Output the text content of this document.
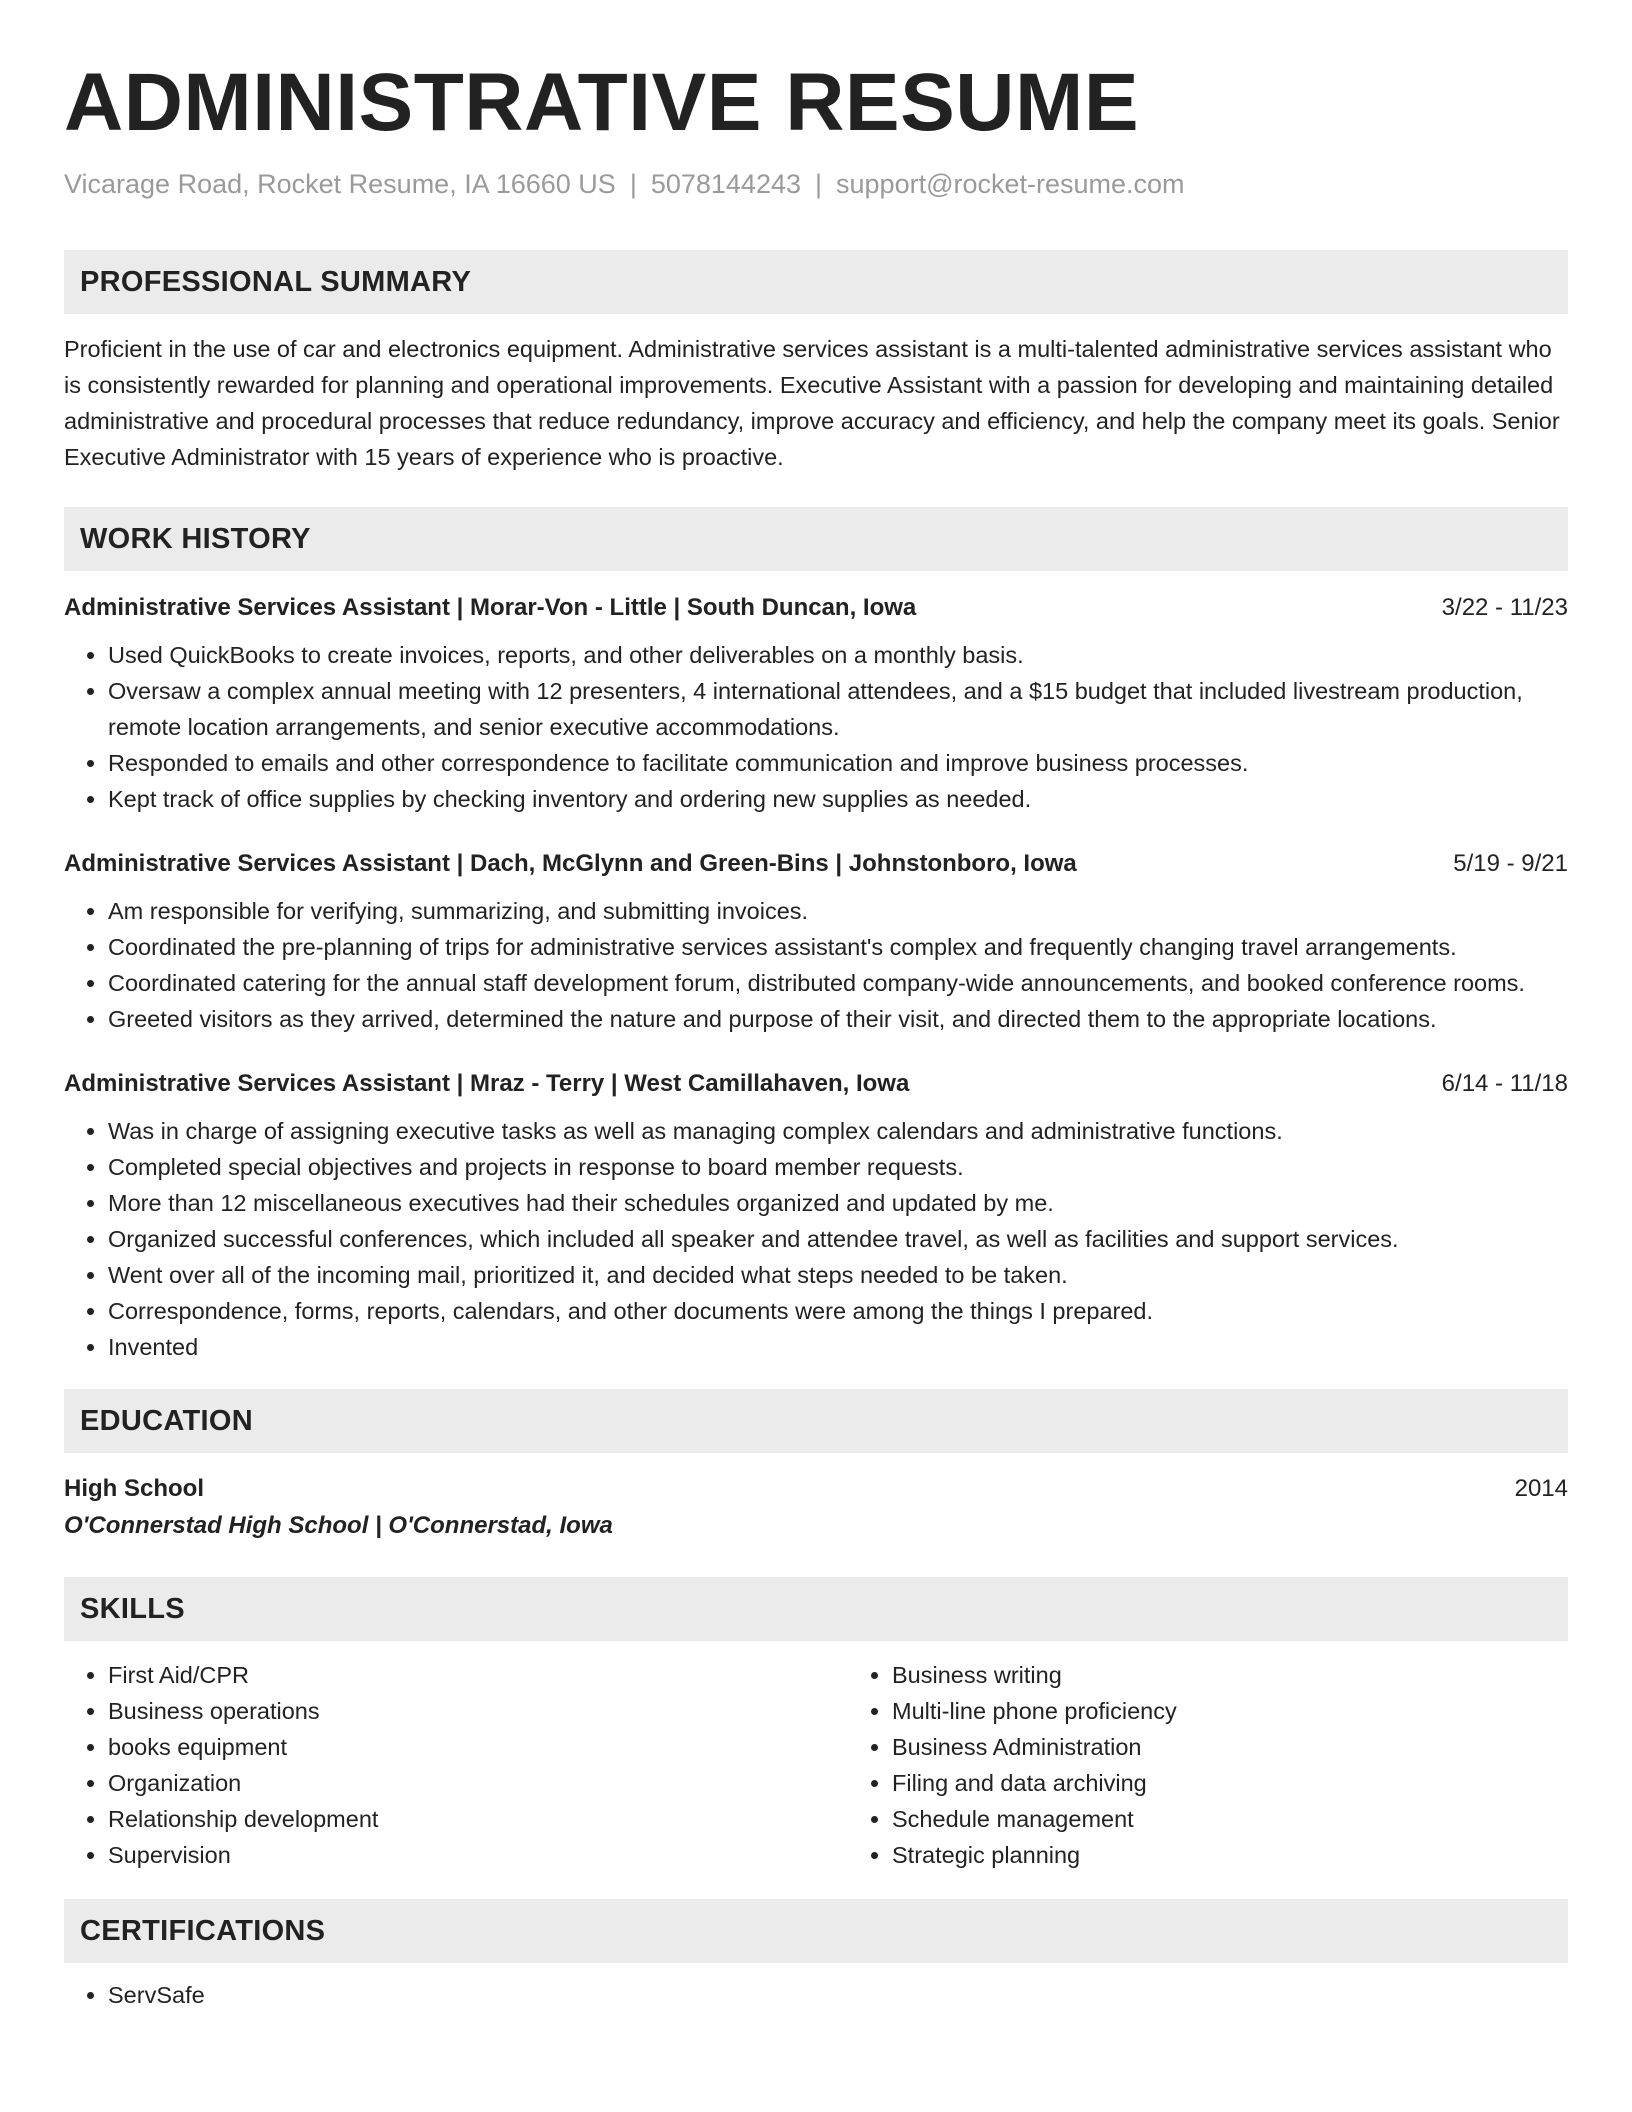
ADMINISTRATIVE RESUME
Vicarage Road, Rocket Resume, IA 16660 US | 5078144243 | support@rocket-resume.com
PROFESSIONAL SUMMARY
Proficient in the use of car and electronics equipment. Administrative services assistant is a multi-talented administrative services assistant who is consistently rewarded for planning and operational improvements. Executive Assistant with a passion for developing and maintaining detailed administrative and procedural processes that reduce redundancy, improve accuracy and efficiency, and help the company meet its goals. Senior Executive Administrator with 15 years of experience who is proactive.
WORK HISTORY
Administrative Services Assistant | Morar-Von - Little | South Duncan, Iowa	3/22 - 11/23
• Used QuickBooks to create invoices, reports, and other deliverables on a monthly basis.
• Oversaw a complex annual meeting with 12 presenters, 4 international attendees, and a $15 budget that included livestream production, remote location arrangements, and senior executive accommodations.
• Responded to emails and other correspondence to facilitate communication and improve business processes.
• Kept track of office supplies by checking inventory and ordering new supplies as needed.
Administrative Services Assistant | Dach, McGlynn and Green-Bins | Johnstonboro, Iowa	5/19 - 9/21
• Am responsible for verifying, summarizing, and submitting invoices.
• Coordinated the pre-planning of trips for administrative services assistant's complex and frequently changing travel arrangements.
• Coordinated catering for the annual staff development forum, distributed company-wide announcements, and booked conference rooms.
• Greeted visitors as they arrived, determined the nature and purpose of their visit, and directed them to the appropriate locations.
Administrative Services Assistant | Mraz - Terry | West Camillahaven, Iowa	6/14 - 11/18
• Was in charge of assigning executive tasks as well as managing complex calendars and administrative functions.
• Completed special objectives and projects in response to board member requests.
• More than 12 miscellaneous executives had their schedules organized and updated by me.
• Organized successful conferences, which included all speaker and attendee travel, as well as facilities and support services.
• Went over all of the incoming mail, prioritized it, and decided what steps needed to be taken.
• Correspondence, forms, reports, calendars, and other documents were among the things I prepared.
• Invented
EDUCATION
High School	2014
O'Connerstad High School | O'Connerstad, Iowa
SKILLS
• First Aid/CPR
• Business operations
• books equipment
• Organization
• Relationship development
• Supervision
• Business writing
• Multi-line phone proficiency
• Business Administration
• Filing and data archiving
• Schedule management
• Strategic planning
CERTIFICATIONS
• ServSafe
